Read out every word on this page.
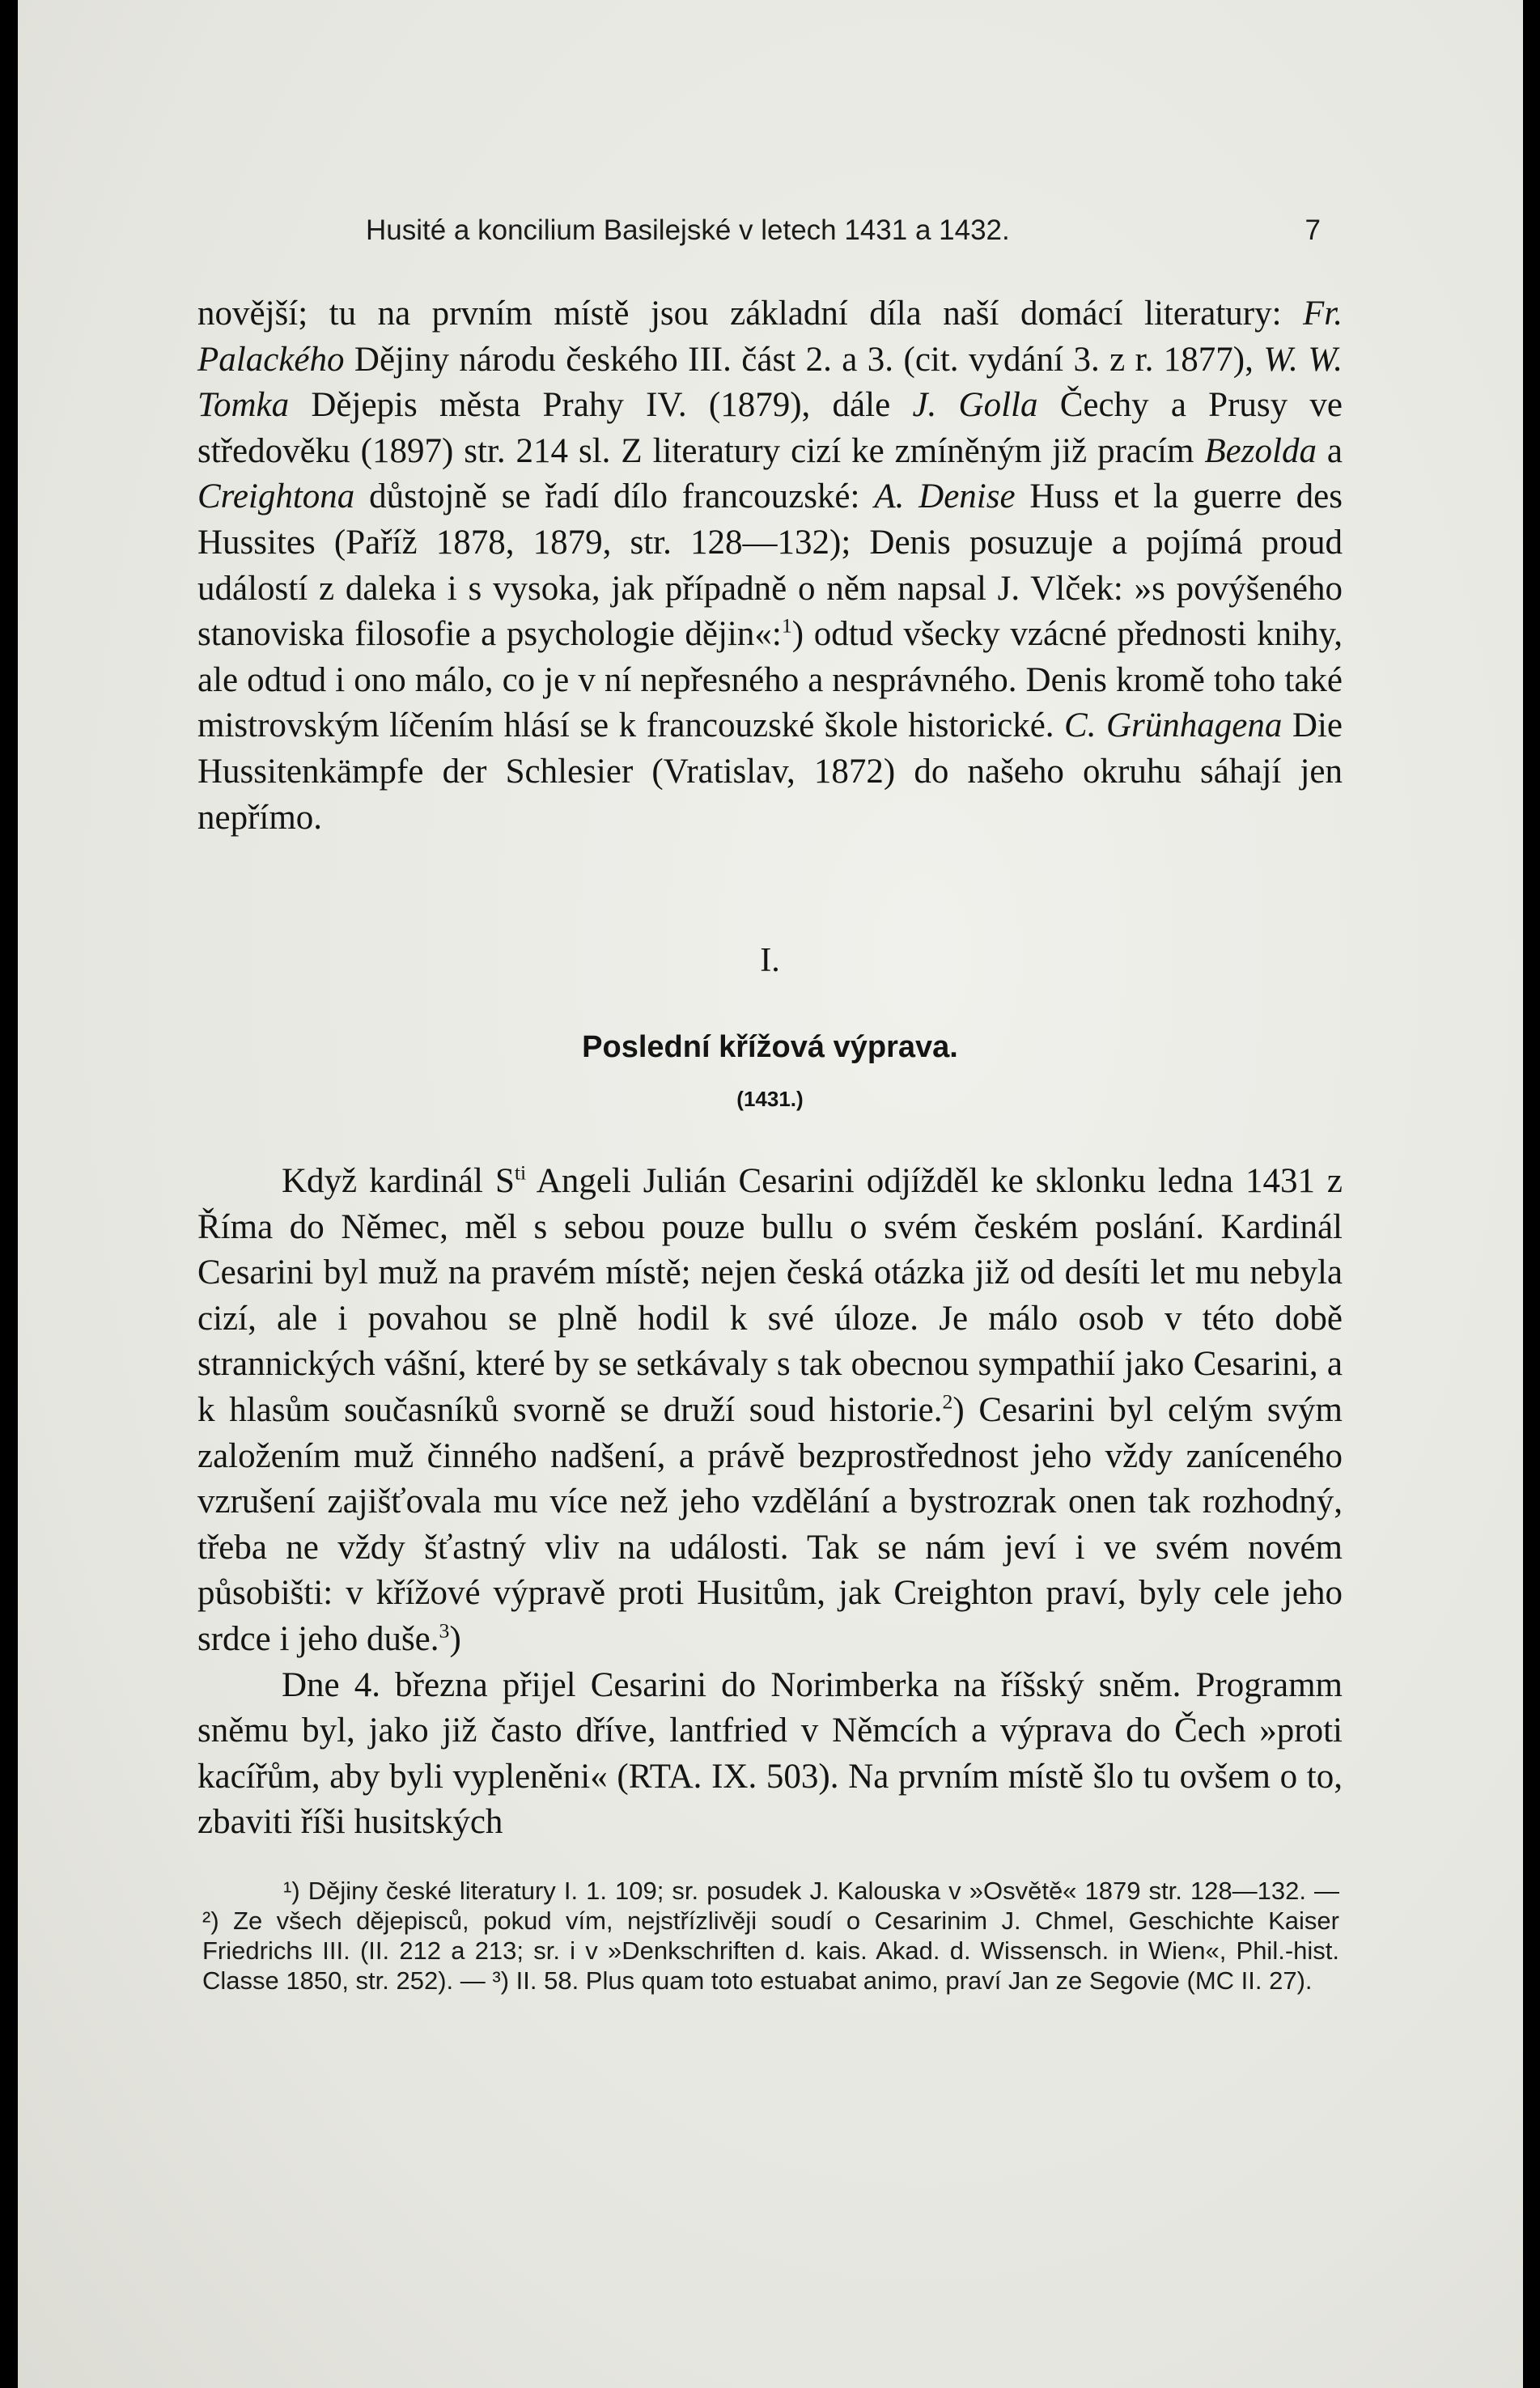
Husité a koncilium Basilejské v letech 1431 a 1432.	7

novější; tu na prvním místě jsou základní díla naší domácí literatury: Fr. Palackého Dějiny národu českého III. část 2. a 3. (cit. vydání 3. z r. 1877), W. W. Tomka Dějepis města Prahy IV. (1879), dále J. Golla Čechy a Prusy ve středověku (1897) str. 214 sl. Z literatury cizí ke zmíněným již pracím Bezolda a Creightona důstojně se řadí dílo francouzské: A. Denise Huss et la guerre des Hussites (Paříž 1878, 1879, str. 128—132); Denis posuzuje a pojímá proud událostí z daleka i s vysoka, jak případně o něm napsal J. Vlček: »s povýšeného stanoviska filosofie a psychologie dějin«:$^1$) odtud všecky vzácné přednosti knihy, ale odtud i ono málo, co je v ní nepřesného a nesprávného. Denis kromě toho také mistrovským líčením hlásí se k francouzské škole historické. C. Grünhagena Die Hussitenkämpfe der Schlesier (Vratislav, 1872) do našeho okruhu sáhají jen nepřímo.

I.
Poslední křížová výprava.
(1431.)

Když kardinál $S^{ti}$ Angeli Julián Cesarini odjížděl ke sklonku ledna 1431 z Říma do Němec, měl s sebou pouze bullu o svém českém poslání. Kardinál Cesarini byl muž na pravém místě; nejen česká otázka již od desíti let mu nebyla cizí, ale i povahou se plně hodil k své úloze. Je málo osob v této době strannických vášní, které by se setkávaly s tak obecnou sympathií jako Cesarini, a k hlasům současníků svorně se druží soud historie.$^2$) Cesarini byl celým svým založením muž činného nadšení, a právě bezprostřednost jeho vždy zaníceného vzrušení zajišťovala mu více než jeho vzdělání a bystrozrak onen tak rozhodný, třeba ne vždy šťastný vliv na události. Tak se nám jeví i ve svém novém působišti: v křížové výpravě proti Husitům, jak Creighton praví, byly cele jeho srdce i jeho duše.$^3$)

Dne 4. března přijel Cesarini do Norimberka na říšský sněm. Programm sněmu byl, jako již často dříve, lantfried v Němcích a výprava do Čech »proti kacířům, aby byli vypleněni« (RTA. IX. 503). Na prvním místě šlo tu ovšem o to, zbaviti říši husitských

¹) Dějiny české literatury I. 1. 109; sr. posudek J. Kalouska v »Osvětě« 1879 str. 128—132. — ²) Ze všech dějepisců, pokud vím, nejstřízlivěji soudí o Cesarinim J. Chmel, Geschichte Kaiser Friedrichs III. (II. 212 a 213; sr. i v »Denkschriften d. kais. Akad. d. Wissensch. in Wien«, Phil.-hist. Classe 1850, str. 252). — ³) II. 58. Plus quam toto estuabat animo, praví Jan ze Segovie (MC II. 27).
